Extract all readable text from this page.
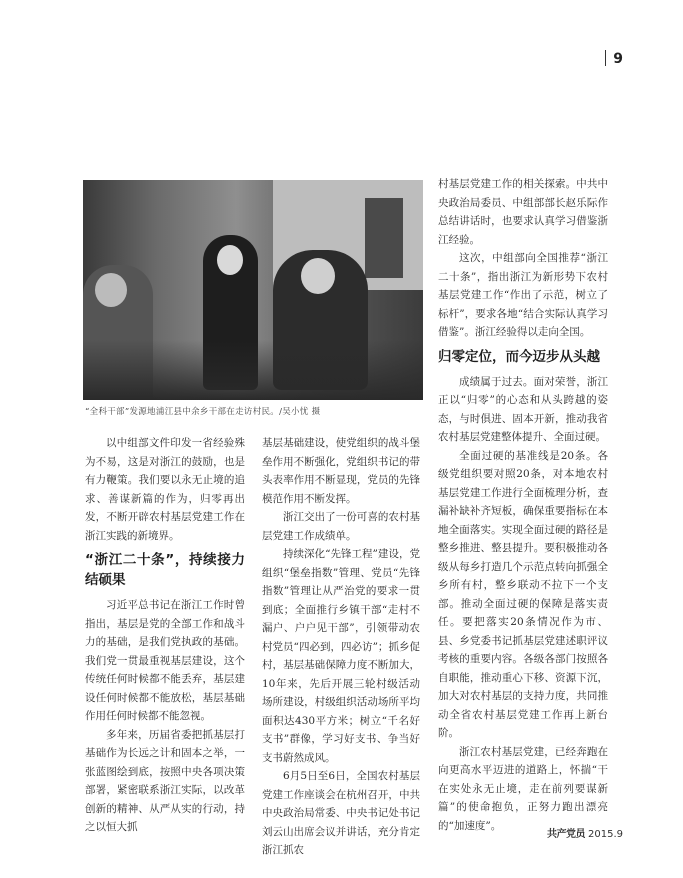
9
“全科干部”发源地浦江县中余乡干部在走访村民。/吴小忧 摄

以中组部文件印发一省经验殊为不易，这是对浙江的鼓励，也是有力鞭策。我们要以永无止境的追求、善谋新篇的作为，归零再出发，不断开辟农村基层党建工作在浙江实践的新境界。

“浙江二十条”，持续接力结硕果

习近平总书记在浙江工作时曾指出，基层是党的全部工作和战斗力的基础，是我们党执政的基础。我们党一贯最重视基层建设，这个传统任何时候都不能丢弃，基层建设任何时候都不能放松，基层基础作用任何时候都不能忽视。

多年来，历届省委把抓基层打基础作为长远之计和固本之举，一张蓝图绘到底，按照中央各项决策部署，紧密联系浙江实际，以改革创新的精神、从严从实的行动，持之以恒大抓

基层基础建设，使党组织的战斗堡垒作用不断强化，党组织书记的带头表率作用不断显现，党员的先锋模范作用不断发挥。

浙江交出了一份可喜的农村基层党建工作成绩单。

持续深化“先锋工程”建设，党组织“堡垒指数”管理、党员“先锋指数”管理让从严治党的要求一贯到底；全面推行乡镇干部“走村不漏户、户户见干部”，引领带动农村党员“四必到，四必访”；抓乡促村，基层基础保障力度不断加大，10年来，先后开展三轮村级活动场所建设，村级组织活动场所平均面积达430平方米；树立“千名好支书”群像，学习好支书、争当好支书蔚然成风。

6月5日至6日，全国农村基层党建工作座谈会在杭州召开，中共中央政治局常委、中央书记处书记刘云山出席会议并讲话，充分肯定浙江抓农

村基层党建工作的相关探索。中共中央政治局委员、中组部部长赵乐际作总结讲话时，也要求认真学习借鉴浙江经验。

这次，中组部向全国推荐“浙江二十条”，指出浙江为新形势下农村基层党建工作“作出了示范，树立了标杆”，要求各地“结合实际认真学习借鉴”。浙江经验得以走向全国。

归零定位，而今迈步从头越

成绩属于过去。面对荣誉，浙江正以“归零”的心态和从头跨越的姿态，与时俱进、固本开新，推动我省农村基层党建整体提升、全面过硬。

全面过硬的基准线是20条。各级党组织要对照20条，对本地农村基层党建工作进行全面梳理分析，查漏补缺补齐短板，确保重要指标在本地全面落实。实现全面过硬的路径是整乡推进、整县提升。要积极推动各级从每乡打造几个示范点转向抓强全乡所有村，整乡联动不拉下一个支部。推动全面过硬的保障是落实责任。要把落实20条情况作为市、县、乡党委书记抓基层党建述职评议考核的重要内容。各级各部门按照各自职能，推动重心下移、资源下沉，加大对农村基层的支持力度，共同推动全省农村基层党建工作再上新台阶。

浙江农村基层党建，已经奔跑在向更高水平迈进的道路上，怀揣“干在实处永无止境，走在前列要谋新篇”的使命抱负，正努力跑出漂亮的“加速度”。

共产党员 2015.9
